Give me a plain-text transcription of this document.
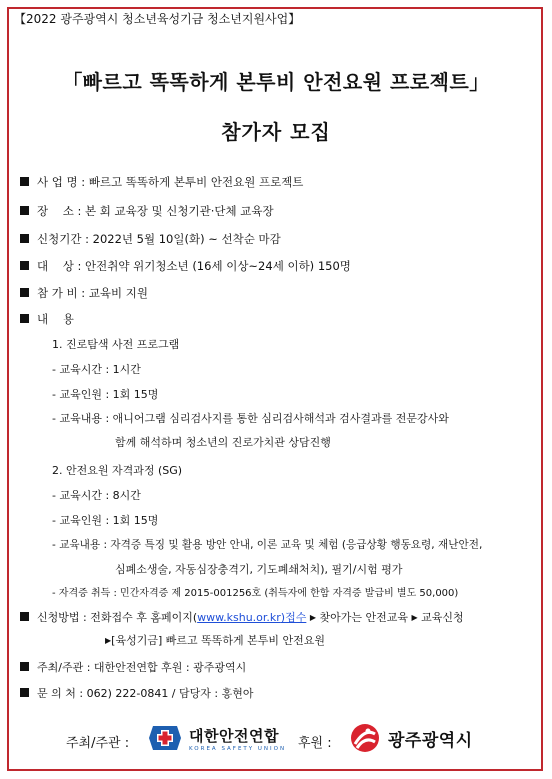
【2022 광주광역시 청소년육성기금 청소년지원사업】
「빠르고 똑똑하게 본투비 안전요원 프로젝트」
참가자 모집
사 업 명 : 빠르고 똑똑하게 본투비 안전요원 프로젝트
장    소 : 본 회 교육장 및 신청기관·단체 교육장
신청기간 : 2022년 5월 10일(화) ~ 선착순 마감
대    상 : 안전취약 위기청소년 (16세 이상~24세 이하) 150명
참 가 비 : 교육비 지원
내    용
1. 진로탐색 사전 프로그램
- 교육시간 : 1시간
- 교육인원 : 1회 15명
- 교육내용 : 애니어그램 심리검사지를 통한 심리검사해석과 검사결과를 전문강사와
함께 해석하며 청소년의 진로가치관 상담진행
2. 안전요원 자격과정 (SG)
- 교육시간 : 8시간
- 교육인원 : 1회 15명
- 교육내용 : 자격증 특징 및 활용 방안 안내, 이론 교육 및 체험 (응급상황 행동요령, 재난안전,
심폐소생술, 자동심장충격기, 기도폐쇄처치), 필기/시험 평가
- 자격증 취득 : 민간자격증 제 2015-001256호 (취득자에 한함 자격증 발급비 별도 50,000)
신청방법 : 전화접수 후 홈페이지(www.kshu.or.kr)접수 ▶ 찾아가는 안전교육 ▶ 교육신청
▶[육성기금] 빠르고 똑똑하게 본투비 안전요원
주최/주관 : 대한안전연합 후원 : 광주광역시
문 의 처 : 062) 222-0841 / 담당자 : 홍현아
주최/주관 :	대한안전연합
KOREA SAFETY UNION 후원 :	광주광역시
